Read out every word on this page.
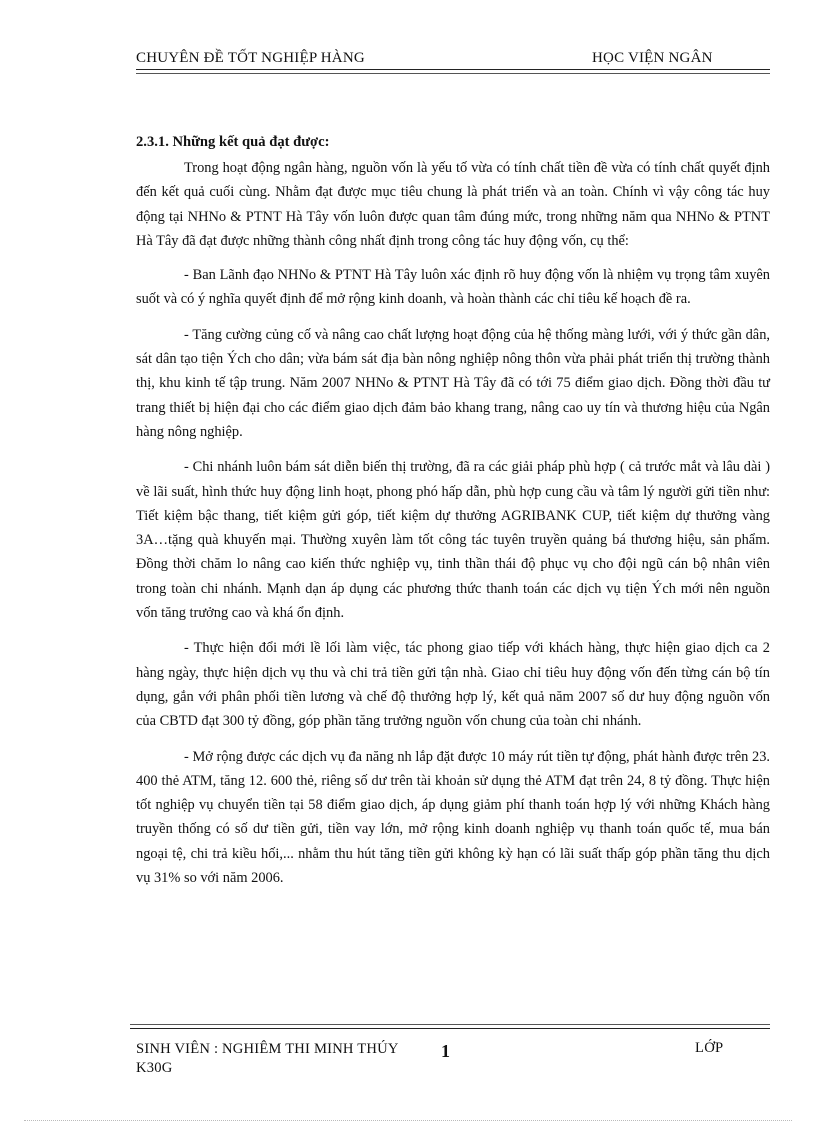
CHUYÊN ĐỀ TỐT NGHIỆP HÀNG	HỌC VIỆN NGÂN

2.3.1. Những kết quả đạt được:

Trong hoạt động ngân hàng, nguồn vốn là yếu tố vừa có tính chất tiền đề vừa có tính chất quyết định đến kết quả cuối cùng. Nhằm đạt được mục tiêu chung là phát triển và an toàn. Chính vì vậy công tác huy động tại NHNo & PTNT Hà Tây vốn luôn được quan tâm đúng mức, trong những năm qua NHNo & PTNT Hà Tây đã đạt được những thành công nhất định trong công tác huy động vốn, cụ thể:

- Ban Lãnh đạo NHNo & PTNT Hà Tây luôn xác định rõ huy động vốn là nhiệm vụ trọng tâm xuyên suốt và có ý nghĩa quyết định để mở rộng kinh doanh, và hoàn thành các chỉ tiêu kế hoạch đề ra.

- Tăng cường củng cố và nâng cao chất lượng hoạt động của hệ thống màng lưới, với ý thức gần dân, sát dân tạo tiện Ých cho dân; vừa bám sát địa bàn nông nghiệp nông thôn vừa phải phát triển thị trường thành thị, khu kinh tế tập trung. Năm 2007 NHNo & PTNT Hà Tây đã có tới 75 điểm giao dịch. Đồng thời đầu tư trang thiết bị hiện đại cho các điểm giao dịch đảm bảo khang trang, nâng cao uy tín và thương hiệu của Ngân hàng nông nghiệp.

- Chi nhánh luôn bám sát diễn biến thị trường, đã ra các giải pháp phù hợp ( cả trước mắt và lâu dài ) về lãi suất, hình thức huy động linh hoạt, phong phó hấp dẫn, phù hợp cung cầu và tâm lý người gửi tiền như: Tiết kiệm bậc thang, tiết kiệm gửi góp, tiết kiệm dự thưởng AGRIBANK CUP, tiết kiệm dự thưởng vàng 3A…tặng quà khuyến mại. Thường xuyên làm tốt công tác tuyên truyền quảng bá thương hiệu, sản phẩm. Đồng thời chăm lo nâng cao kiến thức nghiệp vụ, tinh thần thái độ phục vụ cho đội ngũ cán bộ nhân viên trong toàn chi nhánh. Mạnh dạn áp dụng các phương thức thanh toán các dịch vụ tiện Ých mới nên nguồn vốn tăng trưởng cao và khá ổn định.

- Thực hiện đổi mới lề lối làm việc, tác phong giao tiếp với khách hàng, thực hiện giao dịch ca 2 hàng ngày, thực hiện dịch vụ thu và chi trả tiền gửi tận nhà. Giao chỉ tiêu huy động vốn đến từng cán bộ tín dụng, gắn với phân phối tiền lương và chế độ thưởng hợp lý, kết quả năm 2007 số dư huy động nguồn vốn của CBTD đạt 300 tỷ đồng, góp phần tăng trưởng nguồn vốn chung của toàn chi nhánh.

- Mở rộng được các dịch vụ đa năng nh lắp đặt được 10 máy rút tiền tự động, phát hành được trên 23. 400 thẻ ATM, tăng 12. 600 thẻ, riêng số dư trên tài khoản sử dụng thẻ ATM đạt trên 24, 8 tỷ đồng. Thực hiện tốt nghiệp vụ chuyển tiền tại 58 điểm giao dịch, áp dụng giảm phí thanh toán hợp lý với những Khách hàng truyền thống có số dư tiền gửi, tiền vay lớn, mở rộng kinh doanh nghiệp vụ thanh toán quốc tế, mua bán ngoại tệ, chi trả kiều hối,... nhằm thu hút tăng tiền gửi không kỳ hạn có lãi suất thấp góp phần tăng thu dịch vụ 31% so với năm 2006.

SINH VIÊN : NGHIÊM THI MINH THÚY K30G
1	LỚP
